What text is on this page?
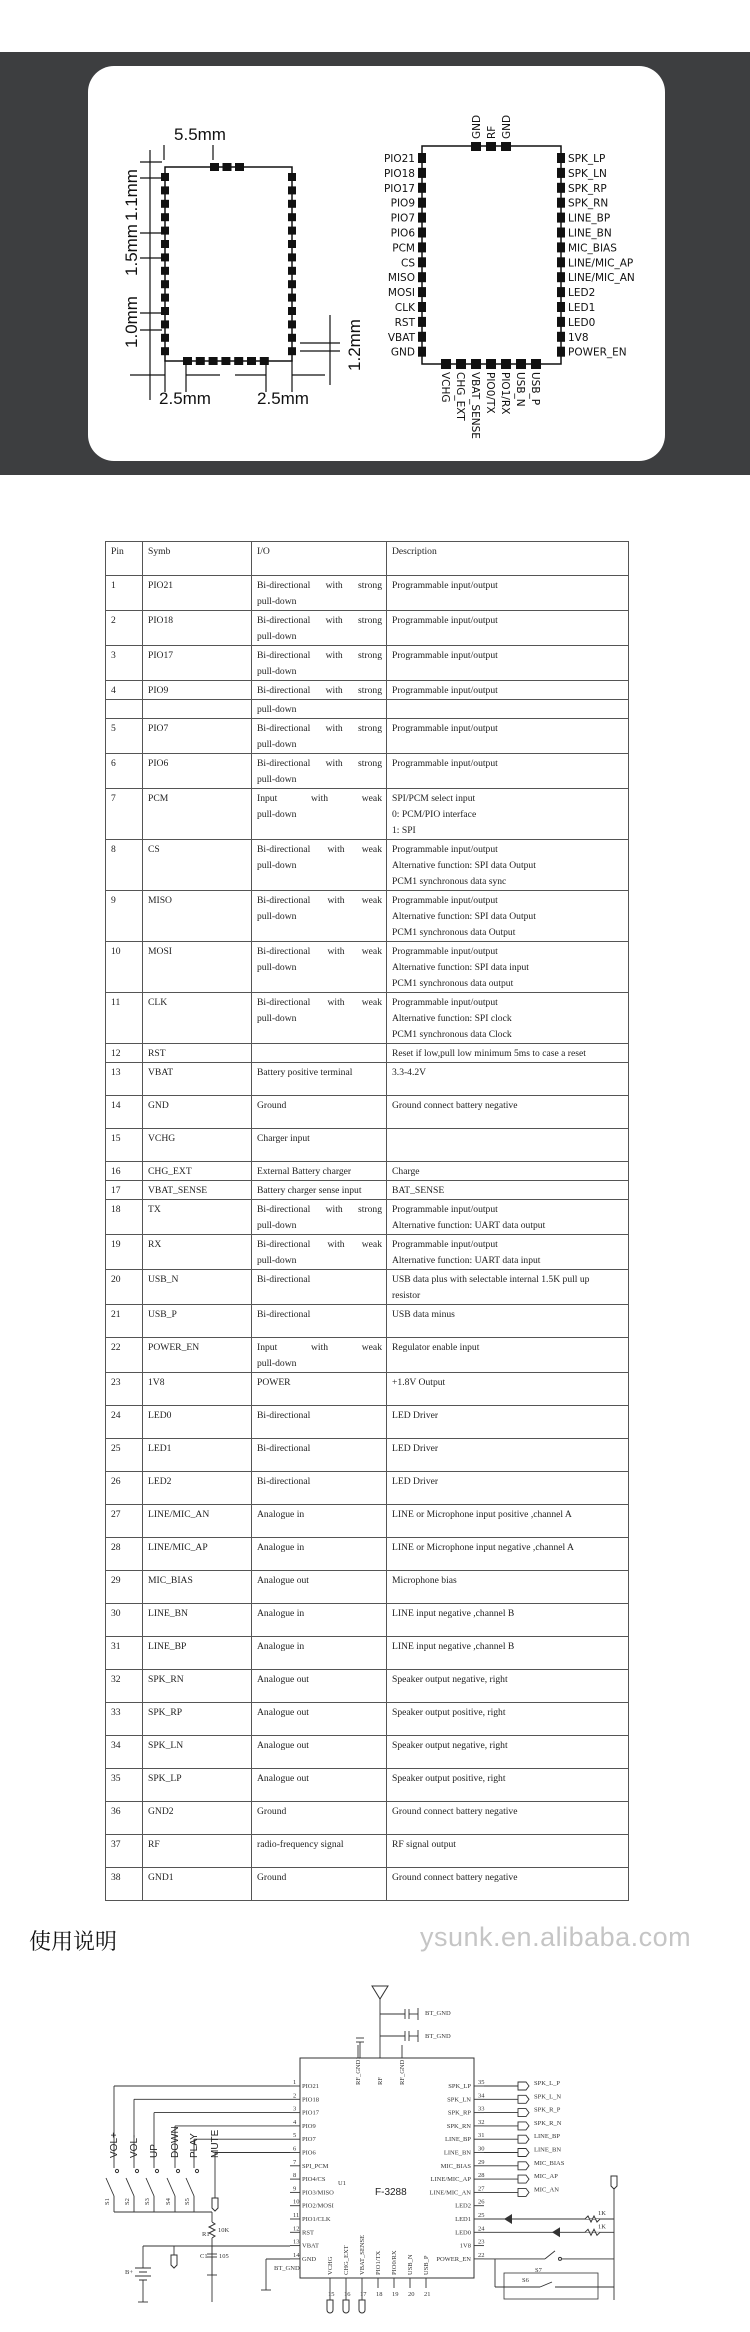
5.5mm
1.1mm
1.5mm
1.0mm	1.2mm
2.5mm	2.5mm
PIO21
PIO18
PIO17
PIO9
PIO7
PIO6
PCM
CS
MISO
MOSI
CLK
RST
VBAT
GND
SPK_LP
SPK_LN
SPK_RP
SPK_RN
LINE_BP
LINE_BN
MIC_BIAS
LINE/MIC_AP
LINE/MIC_AN
LED2
LED1
LED0
1V8
POWER_EN
GND RF GND
VCHG CHG_EXT VBAT_SENSE PIO0/TX PIO1/RX USB_N USB_P
Pin	Symb	I/O	Description
1	PIO21	Bi-directional with strong
pull-down	Programmable input/output

2	PIO18	Bi-directional with strong
pull-down	Programmable input/output

3	PIO17	Bi-directional with strong
pull-down	Programmable input/output

4	PIO9	Bi-directional with strong	Programmable input/output

		pull-down	

5	PIO7	Bi-directional with strong
pull-down	Programmable input/output

6	PIO6	Bi-directional with strong
pull-down	Programmable input/output

7	PCM	Input with weak
pull-down	SPI/PCM select input
0: PCM/PIO interface
1: SPI

8	CS	Bi-directional with weak
pull-down	Programmable input/output
Alternative function: SPI data Output
PCM1 synchronous data sync

9	MISO	Bi-directional with weak
pull-down	Programmable input/output
Alternative function: SPI data Output
PCM1 synchronous data Output

10	MOSI	Bi-directional with weak
pull-down	Programmable input/output
Alternative function: SPI data input
PCM1 synchronous data output

11	CLK	Bi-directional with weak
pull-down	Programmable input/output
Alternative function: SPI clock
PCM1 synchronous data Clock

12	RST		Reset if low,pull low minimum 5ms to case a reset

13	VBAT	Battery positive terminal	3.3-4.2V

14	GND	Ground	Ground connect battery negative

15	VCHG	Charger input	

16	CHG_EXT	External Battery charger	Charge

17	VBAT_SENSE	Battery charger sense input	BAT_SENSE

18	TX	Bi-directional with strong
pull-down	Programmable input/output
Alternative function: UART data output

19	RX	Bi-directional with weak
pull-down	Programmable input/output
Alternative function: UART data input

20	USB_N	Bi-directional	USB data plus with selectable internal 1.5K pull up
resistor

21	USB_P	Bi-directional	USB data minus

22	POWER_EN	Input with weak
pull-down	Regulator enable input

23	1V8	POWER	+1.8V Output

24	LED0	Bi-directional	LED Driver

25	LED1	Bi-directional	LED Driver

26	LED2	Bi-directional	LED Driver

27	LINE/MIC_AN	Analogue in	LINE or Microphone input positive ,channel A

28	LINE/MIC_AP	Analogue in	LINE or Microphone input negative ,channel A

29	MIC_BIAS	Analogue out	Microphone bias

30	LINE_BN	Analogue in	LINE input negative ,channel B

31	LINE_BP	Analogue in	LINE input negative ,channel B

32	SPK_RN	Analogue out	Speaker output negative, right

33	SPK_RP	Analogue out	Speaker output positive, right

34	SPK_LN	Analogue out	Speaker output negative, right

35	SPK_LP	Analogue out	Speaker output positive, right

36	GND2	Ground	Ground connect battery negative

37	RF	radio-frequency signal	RF signal output

38	GND1	Ground	Ground connect battery negative
使用说明	ysunk.en.alibaba.com
F-3288
U1
1
PIO21
2
PIO18
3
PIO17
4
PIO9
5
PIO7
6
PIO6
7
SPI_PCM
8
PIO4/CS
9
PIO3/MISO
10
PIO2/MOSI
11
PIO1/CLK
12
RST
13
VBAT
14
GND
35
SPK_LP	SPK_L_P
34
SPK_LN	SPK_L_N
33
SPK_RP	SPK_R_P
32
SPK_RN	SPK_R_N
31
LINE_BP	LINE_BP
30
LINE_BN	LINE_BN
29
MIC_BIAS	MIC_BIAS
28
LINE/MIC_AP	MIC_AP
27
LINE/MIC_AN	MIC_AN
26
LED2
25
LED1
24
LED0
23
1V8
22
POWER_EN
VCHG
15
CHG_EXT
16
VBAT_SENSE
17
PIO1/TX
18
PIO0/RX
19
USB_N
20
USB_P
21
RF_GND1 RF RF_GND
BT_GND
BT_GND
S1
VOL+
S2
VOL-
S3
UP
S4
DOWN
S5
PLAY MUTE
R1
10K
B+
C1 105
BT_GND
1K
1K
S7
S6
